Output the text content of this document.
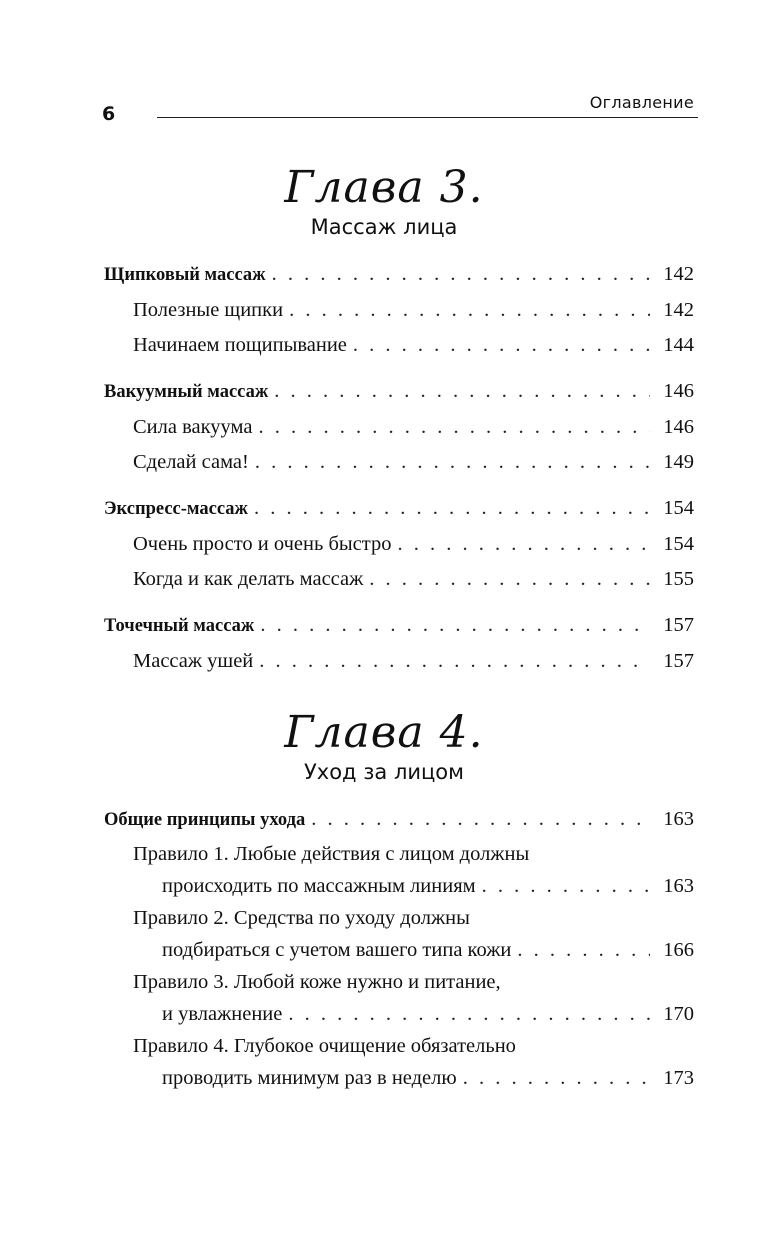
6
Оглавление
Глава 3.
Массаж лица
Щипковый массаж . . .	142
Полезные щипки . . .	142
Начинаем пощипывание . . .	144
Вакуумный массаж . . .	146
Сила вакуума . . .	146
Сделай сама! . . .	149
Экспресс-массаж . . .	154
Очень просто и очень быстро . . .	154
Когда и как делать массаж . . .	155
Точечный массаж . . .	157
Массаж ушей . . .	157
Глава 4.
Уход за лицом
Общие принципы ухода . . .	163
Правило 1. Любые действия с лицом должны
происходить по массажным линиям . . .	163
Правило 2. Средства по уходу должны
подбираться с учетом вашего типа кожи . . .	166
Правило 3. Любой коже нужно и питание,
и увлажнение . . .	170
Правило 4. Глубокое очищение обязательно
проводить минимум раз в неделю . . .	173
